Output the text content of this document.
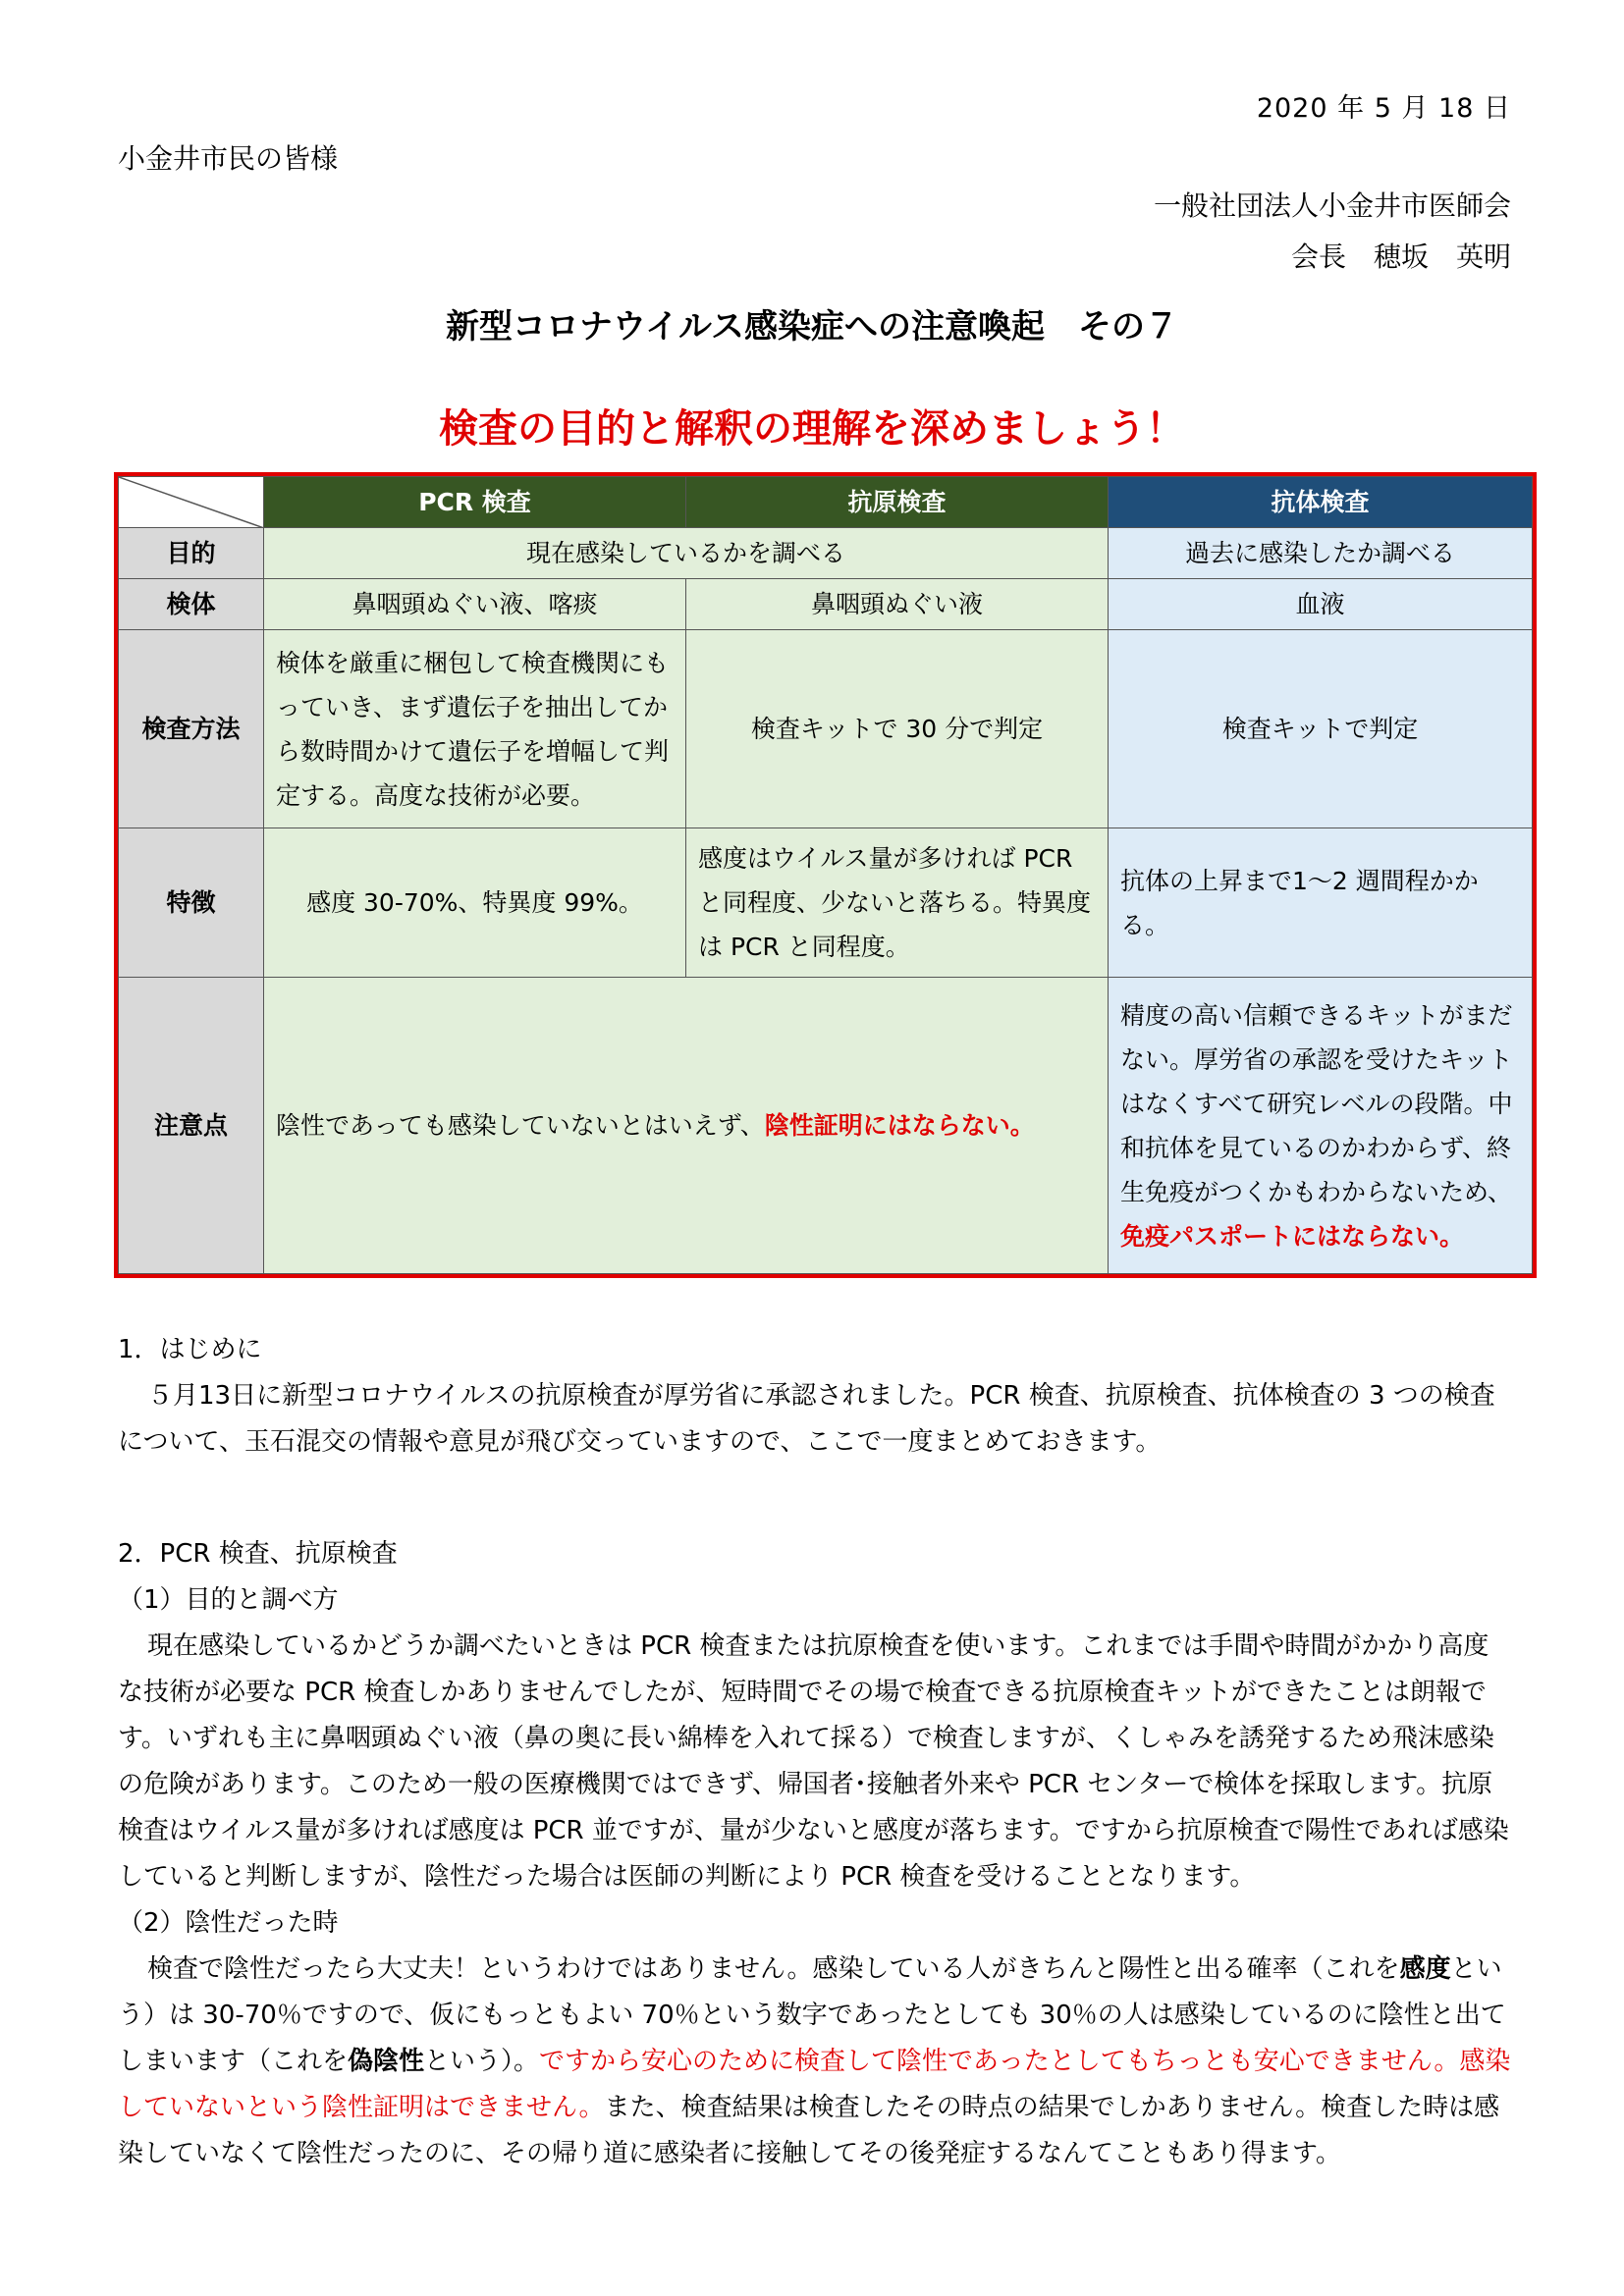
2020 年 5 月 18 日
小金井市民の皆様
一般社団法人小金井市医師会
会長　穂坂　英明
新型コロナウイルス感染症への注意喚起　その７
検査の目的と解釈の理解を深めましょう！
	PCR 検査	抗原検査	抗体検査
目的	現在感染しているかを調べる		過去に感染したか調べる
検体	鼻咽頭ぬぐい液、喀痰	鼻咽頭ぬぐい液	血液
検査方法	検体を厳重に梱包して検査機関にもっていき、まず遺伝子を抽出してから数時間かけて遺伝子を増幅して判定する。高度な技術が必要。	検査キットで 30 分で判定	検査キットで判定
特徴	感度 30-70%、特異度 99%。	感度はウイルス量が多ければ PCR と同程度、少ないと落ちる。特異度は PCR と同程度。	抗体の上昇まで1～2 週間程かかる。
注意点	陰性であっても感染していないとはいえず、陰性証明にはならない。		精度の高い信頼できるキットがまだない。厚労省の承認を受けたキットはなくすべて研究レベルの段階。中和抗体を見ているのかわからず、終生免疫がつくかもわからないため、免疫パスポートにはならない。

1．はじめに

５月13日に新型コロナウイルスの抗原検査が厚労省に承認されました。PCR 検査、抗原検査、抗体検査の 3 つの検査について、玉石混交の情報や意見が飛び交っていますので、ここで一度まとめておきます。

2．PCR 検査、抗原検査

（1）目的と調べ方

現在感染しているかどうか調べたいときは PCR 検査または抗原検査を使います。これまでは手間や時間がかかり高度な技術が必要な PCR 検査しかありませんでしたが、短時間でその場で検査できる抗原検査キットができたことは朗報です。いずれも主に鼻咽頭ぬぐい液（鼻の奥に長い綿棒を入れて採る）で検査しますが、くしゃみを誘発するため飛沫感染の危険があります。このため一般の医療機関ではできず、帰国者･接触者外来や PCR センターで検体を採取します。抗原検査はウイルス量が多ければ感度は PCR 並ですが、量が少ないと感度が落ちます。ですから抗原検査で陽性であれば感染していると判断しますが、陰性だった場合は医師の判断により PCR 検査を受けることとなります。

（2）陰性だった時

検査で陰性だったら大丈夫！というわけではありません。感染している人がきちんと陽性と出る確率（これを感度という）は 30-70％ですので、仮にもっともよい 70％という数字であったとしても 30％の人は感染しているのに陰性と出てしまいます（これを偽陰性という）。ですから安心のために検査して陰性であったとしてもちっとも安心できません。感染していないという陰性証明はできません。また、検査結果は検査したその時点の結果でしかありません。検査した時は感染していなくて陰性だったのに、その帰り道に感染者に接触してその後発症するなんてこともあり得ます。
